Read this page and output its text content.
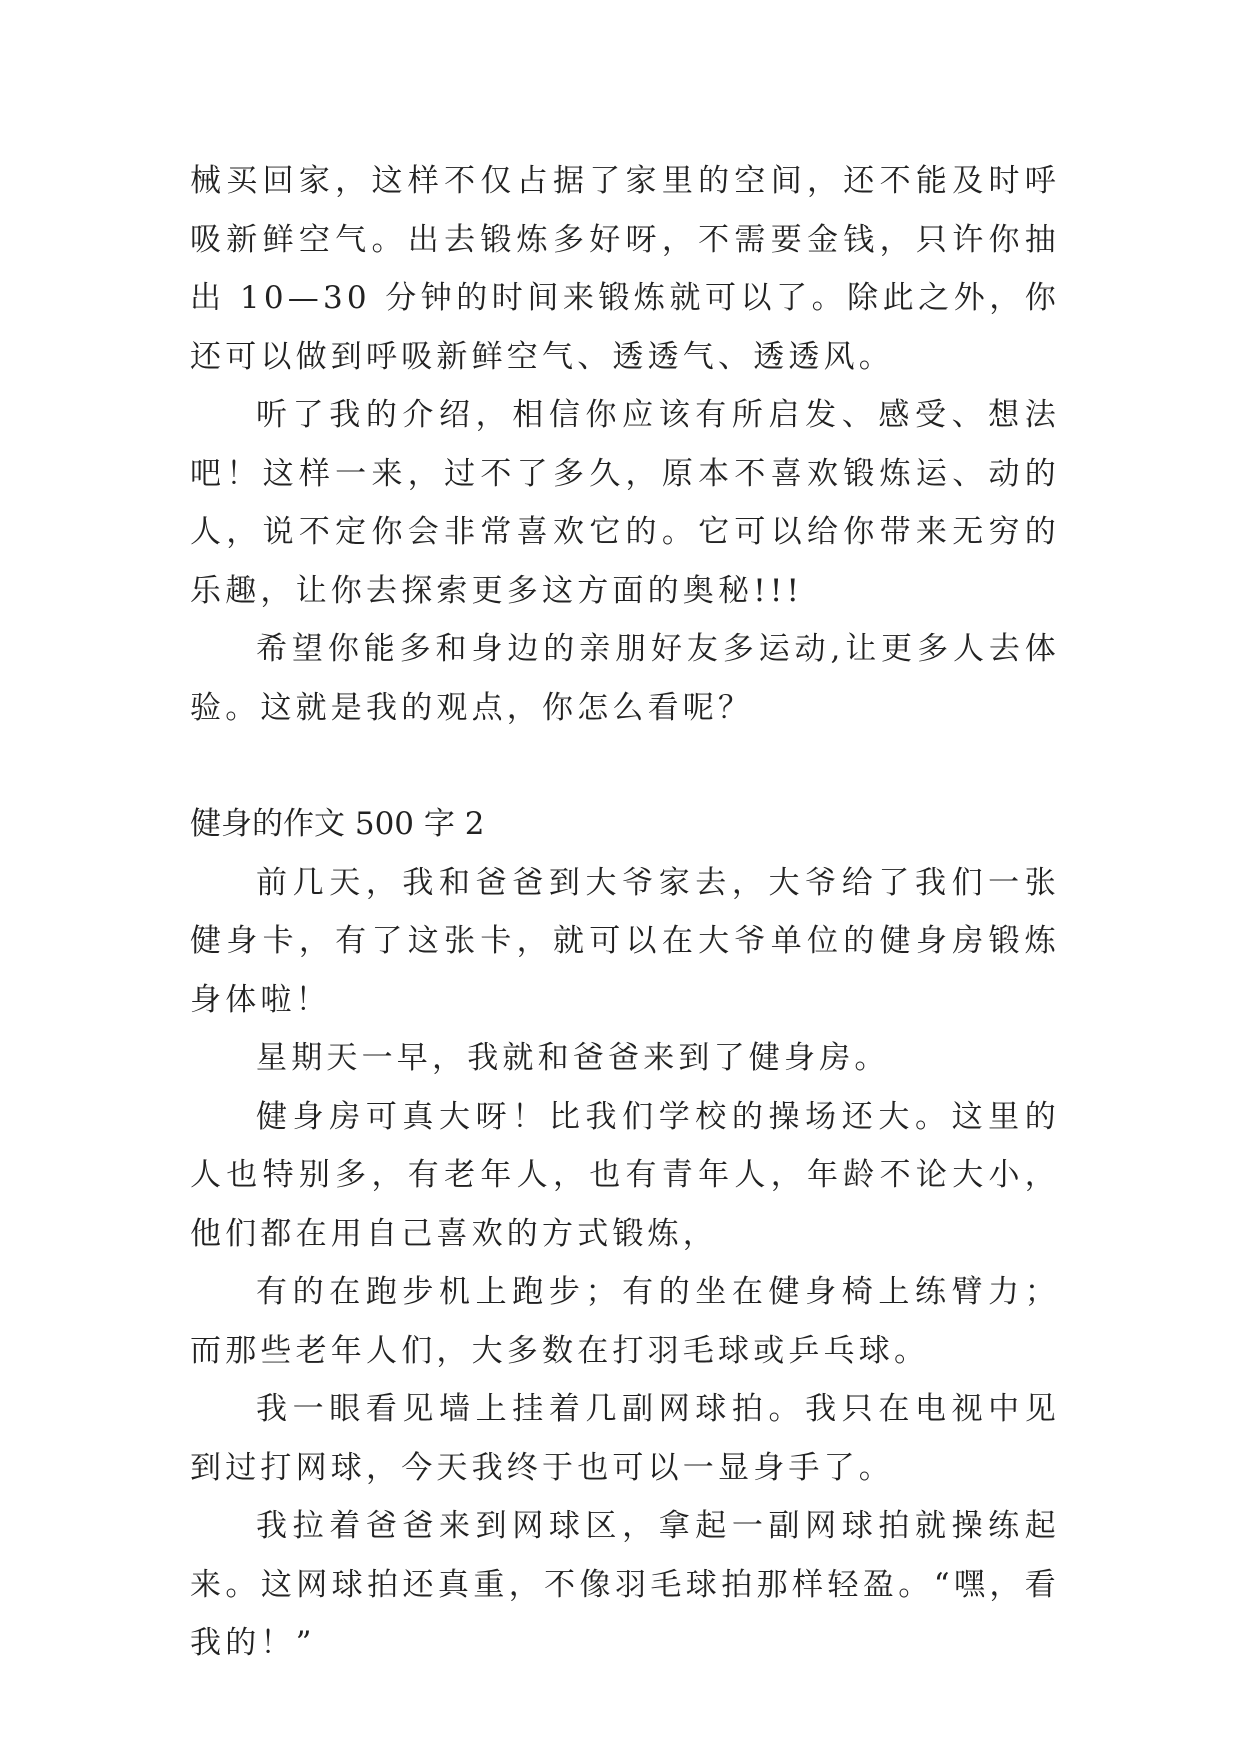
械买回家，这样不仅占据了家里的空间，还不能及时呼吸新鲜空气。出去锻炼多好呀，不需要金钱，只许你抽出 10—30 分钟的时间来锻炼就可以了。除此之外，你还可以做到呼吸新鲜空气、透透气、透透风。

听了我的介绍，相信你应该有所启发、感受、想法吧！这样一来，过不了多久，原本不喜欢锻炼运、动的人，说不定你会非常喜欢它的。它可以给你带来无穷的乐趣，让你去探索更多这方面的奥秘!!!

希望你能多和身边的亲朋好友多运动,让更多人去体验。这就是我的观点，你怎么看呢？

健身的作文 500 字 2

前几天，我和爸爸到大爷家去，大爷给了我们一张健身卡，有了这张卡，就可以在大爷单位的健身房锻炼身体啦！

星期天一早，我就和爸爸来到了健身房。

健身房可真大呀！比我们学校的操场还大。这里的人也特别多，有老年人，也有青年人，年龄不论大小，他们都在用自己喜欢的方式锻炼，

有的在跑步机上跑步；有的坐在健身椅上练臂力；而那些老年人们，大多数在打羽毛球或乒乓球。

我一眼看见墙上挂着几副网球拍。我只在电视中见到过打网球，今天我终于也可以一显身手了。

我拉着爸爸来到网球区，拿起一副网球拍就操练起来。这网球拍还真重，不像羽毛球拍那样轻盈。“嘿，看我的！”
